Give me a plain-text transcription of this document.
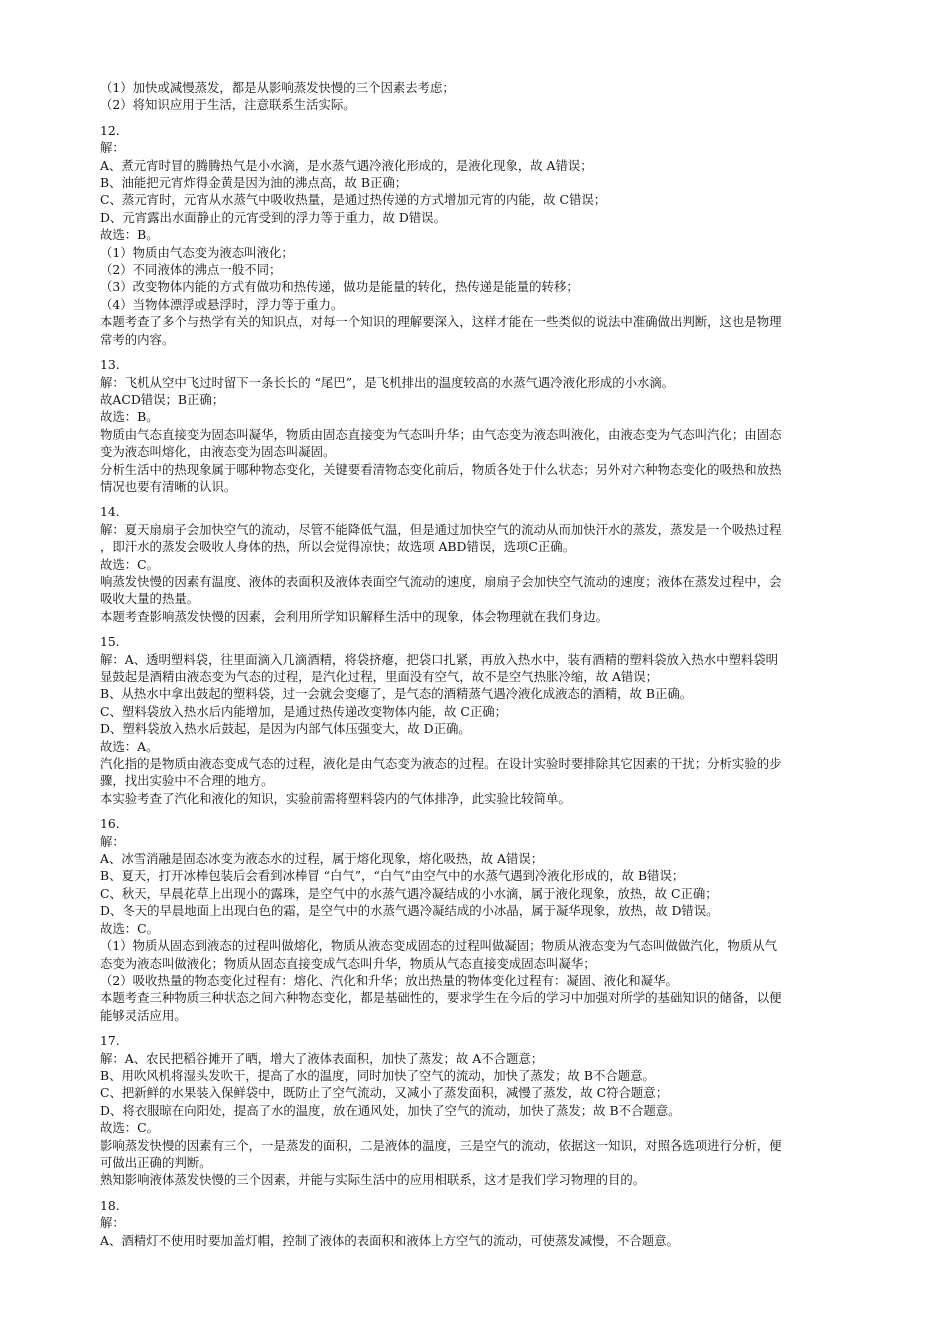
（1）加快或减慢蒸发，都是从影响蒸发快慢的三个因素去考虑；
（2）将知识应用于生活，注意联系生活实际。
12.
解：
A、煮元宵时冒的腾腾热气是小水滴，是水蒸气遇冷液化形成的，是液化现象，故 A错误；
B、油能把元宵炸得金黄是因为油的沸点高，故 B正确；
C、蒸元宵时，元宵从水蒸气中吸收热量，是通过热传递的方式增加元宵的内能，故 C错误；
D、元宵露出水面静止的元宵受到的浮力等于重力，故 D错误。
故选：B。
（1）物质由气态变为液态叫液化；
（2）不同液体的沸点一般不同；
（3）改变物体内能的方式有做功和热传递，做功是能量的转化，热传递是能量的转移；
（4）当物体漂浮或悬浮时，浮力等于重力。
本题考查了多个与热学有关的知识点，对每一个知识的理解要深入，这样才能在一些类似的说法中准确做出判断，这也是物理
常考的内容。
13.
解：飞机从空中飞过时留下一条长长的 “尾巴”，是飞机排出的温度较高的水蒸气遇冷液化形成的小水滴。
故ACD错误；B正确；
故选：B。
物质由气态直接变为固态叫凝华，物质由固态直接变为气态叫升华；由气态变为液态叫液化，由液态变为气态叫汽化；由固态
变为液态叫熔化，由液态变为固态叫凝固。
分析生活中的热现象属于哪种物态变化，关键要看清物态变化前后，物质各处于什么状态；另外对六种物态变化的吸热和放热
情况也要有清晰的认识。
14.
解：夏天扇扇子会加快空气的流动，尽管不能降低气温，但是通过加快空气的流动从而加快汗水的蒸发，蒸发是一个吸热过程
，即汗水的蒸发会吸收人身体的热，所以会觉得凉快；故选项 ABD错误，选项C正确。
故选：C。
响蒸发快慢的因素有温度、液体的表面积及液体表面空气流动的速度，扇扇子会加快空气流动的速度；液体在蒸发过程中，会
吸收大量的热量。
本题考查影响蒸发快慢的因素，会利用所学知识解释生活中的现象，体会物理就在我们身边。
15.
解：A、透明塑料袋，往里面滴入几滴酒精，将袋挤瘪，把袋口扎紧，再放入热水中，装有酒精的塑料袋放入热水中塑料袋明
显鼓起是酒精由液态变为气态的过程，是汽化过程，里面没有空气，故不是空气热胀冷缩，故 A错误；
B、从热水中拿出鼓起的塑料袋，过一会就会变瘪了，是气态的酒精蒸气遇冷液化成液态的酒精，故 B正确。
C、塑料袋放入热水后内能增加，是通过热传递改变物体内能，故 C正确；
D、塑料袋放入热水后鼓起，是因为内部气体压强变大，故 D正确。
故选：A。
汽化指的是物质由液态变成气态的过程，液化是由气态变为液态的过程。在设计实验时要排除其它因素的干扰；分析实验的步
骤，找出实验中不合理的地方。
本实验考查了汽化和液化的知识，实验前需将塑料袋内的气体排净，此实验比较简单。
16.
解：
A、冰雪消融是固态冰变为液态水的过程，属于熔化现象，熔化吸热，故 A错误；
B、夏天，打开冰棒包装后会看到冰棒冒 “白气”，“白气”由空气中的水蒸气遇到冷液化形成的，故 B错误；
C、秋天，早晨花草上出现小的露珠，是空气中的水蒸气遇冷凝结成的小水滴，属于液化现象，放热，故 C正确；
D、冬天的早晨地面上出现白色的霜，是空气中的水蒸气遇冷凝结成的小冰晶，属于凝华现象，放热，故 D错误。
故选：C。
（1）物质从固态到液态的过程叫做熔化，物质从液态变成固态的过程叫做凝固；物质从液态变为气态叫做做汽化，物质从气
态变为液态叫做液化；物质从固态直接变成气态叫升华，物质从气态直接变成固态叫凝华；
（2）吸收热量的物态变化过程有：熔化、汽化和升华；放出热量的物体变化过程有：凝固、液化和凝华。
本题考查三种物质三种状态之间六种物态变化，都是基础性的，要求学生在今后的学习中加强对所学的基础知识的储备，以便
能够灵活应用。
17.
解：A、农民把稻谷摊开了晒，增大了液体表面积，加快了蒸发；故 A不合题意；
B、用吹风机将湿头发吹干，提高了水的温度，同时加快了空气的流动，加快了蒸发；故 B不合题意。
C、把新鲜的水果装入保鲜袋中，既防止了空气流动，又减小了蒸发面积，减慢了蒸发，故 C符合题意；
D、将衣服晾在向阳处，提高了水的温度，放在通风处，加快了空气的流动，加快了蒸发；故 B不合题意。
故选：C。
影响蒸发快慢的因素有三个，一是蒸发的面积，二是液体的温度，三是空气的流动，依据这一知识，对照各选项进行分析，便
可做出正确的判断。
熟知影响液体蒸发快慢的三个因素，并能与实际生活中的应用相联系，这才是我们学习物理的目的。
18.
解：
A、酒精灯不使用时要加盖灯帽，控制了液体的表面积和液体上方空气的流动，可使蒸发减慢，不合题意。
